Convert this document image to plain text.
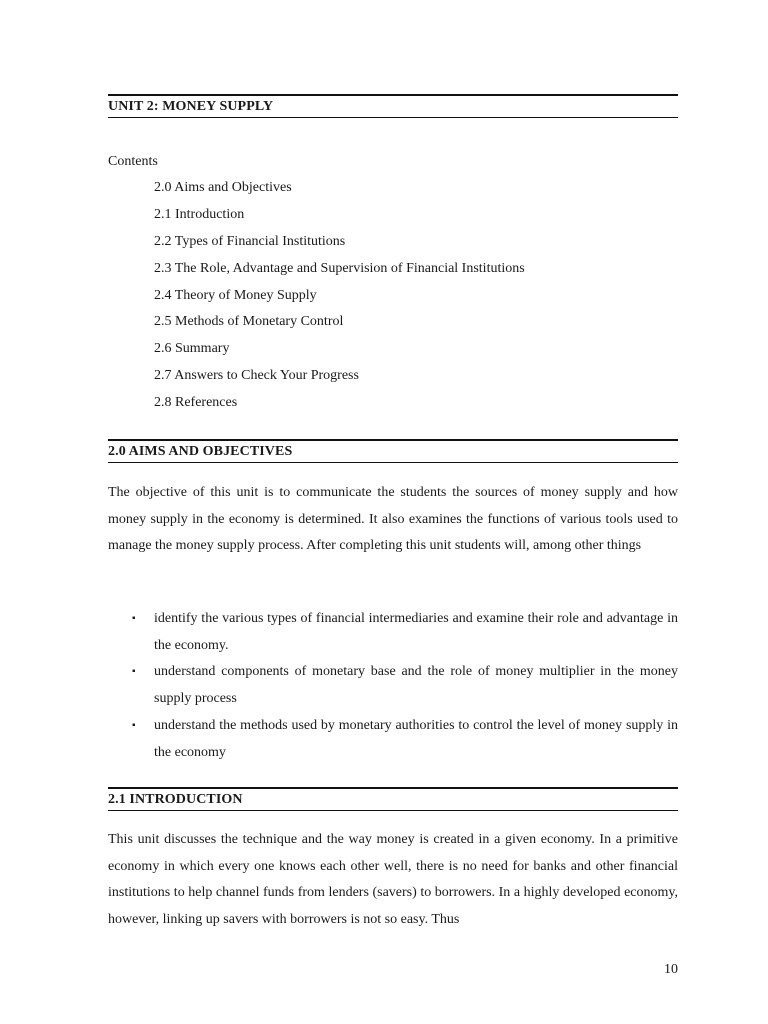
UNIT 2: MONEY SUPPLY
Contents
2.0 Aims and Objectives
2.1 Introduction
2.2 Types of Financial Institutions
2.3 The Role, Advantage and Supervision of Financial Institutions
2.4 Theory of Money Supply
2.5 Methods of Monetary Control
2.6 Summary
2.7 Answers to Check Your Progress
2.8 References
2.0 AIMS AND OBJECTIVES

The objective of this unit is to communicate the students the sources of money supply and how money supply in the economy is determined. It also examines the functions of various tools used to manage the money supply process. After completing this unit students will, among other things

▪ identify the various types of financial intermediaries and examine their role and advantage in the economy.
▪ understand components of monetary base and the role of money multiplier in the money supply process
▪ understand the methods used by monetary authorities to control the level of money supply in the economy
2.1 INTRODUCTION

This unit discusses the technique and the way money is created in a given economy. In a primitive economy in which every one knows each other well, there is no need for banks and other financial institutions to help channel funds from lenders (savers) to borrowers. In a highly developed economy, however, linking up savers with borrowers is not so easy. Thus

10
